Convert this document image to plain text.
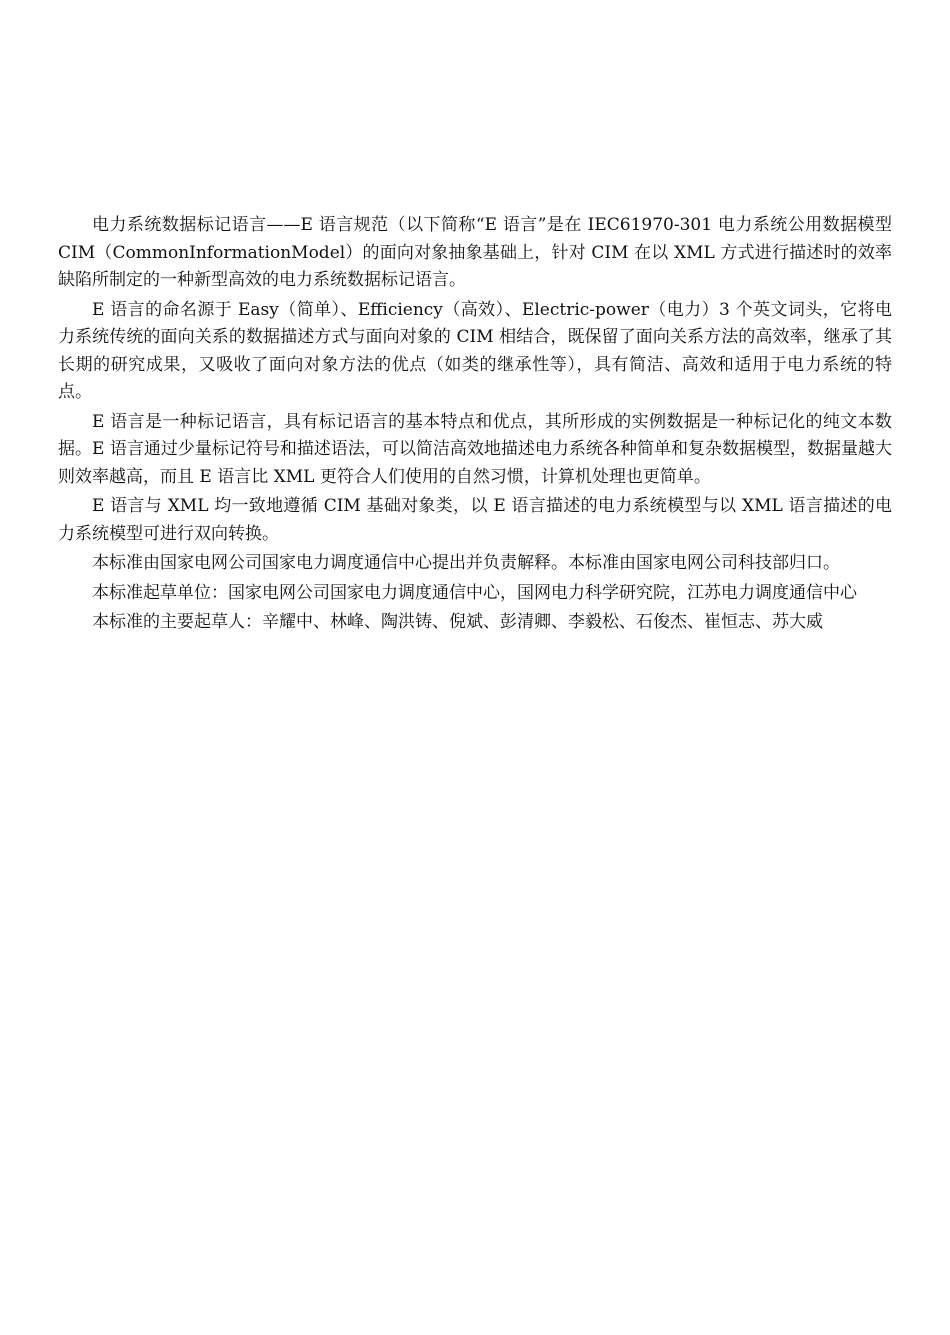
电力系统数据标记语言——E 语言规范（以下简称“E 语言”是在 IEC61970-301 电力系统公用数据模型 CIM（CommonInformationModel）的面向对象抽象基础上，针对 CIM 在以 XML 方式进行描述时的效率缺陷所制定的一种新型高效的电力系统数据标记语言。

E 语言的命名源于 Easy（简单）、Efficiency（高效）、Electric-power（电力）3 个英文词头，它将电力系统传统的面向关系的数据描述方式与面向对象的 CIM 相结合，既保留了面向关系方法的高效率，继承了其长期的研究成果，又吸收了面向对象方法的优点（如类的继承性等），具有简洁、高效和适用于电力系统的特点。

E 语言是一种标记语言，具有标记语言的基本特点和优点，其所形成的实例数据是一种标记化的纯文本数据。E 语言通过少量标记符号和描述语法，可以简洁高效地描述电力系统各种简单和复杂数据模型，数据量越大则效率越高，而且 E 语言比 XML 更符合人们使用的自然习惯，计算机处理也更简单。

E 语言与 XML 均一致地遵循 CIM 基础对象类，以 E 语言描述的电力系统模型与以 XML 语言描述的电力系统模型可进行双向转换。

本标准由国家电网公司国家电力调度通信中心提出并负责解释。本标准由国家电网公司科技部归口。

本标准起草单位：国家电网公司国家电力调度通信中心，国网电力科学研究院，江苏电力调度通信中心

本标准的主要起草人：辛耀中、林峰、陶洪铸、倪斌、彭清卿、李毅松、石俊杰、崔恒志、苏大威
